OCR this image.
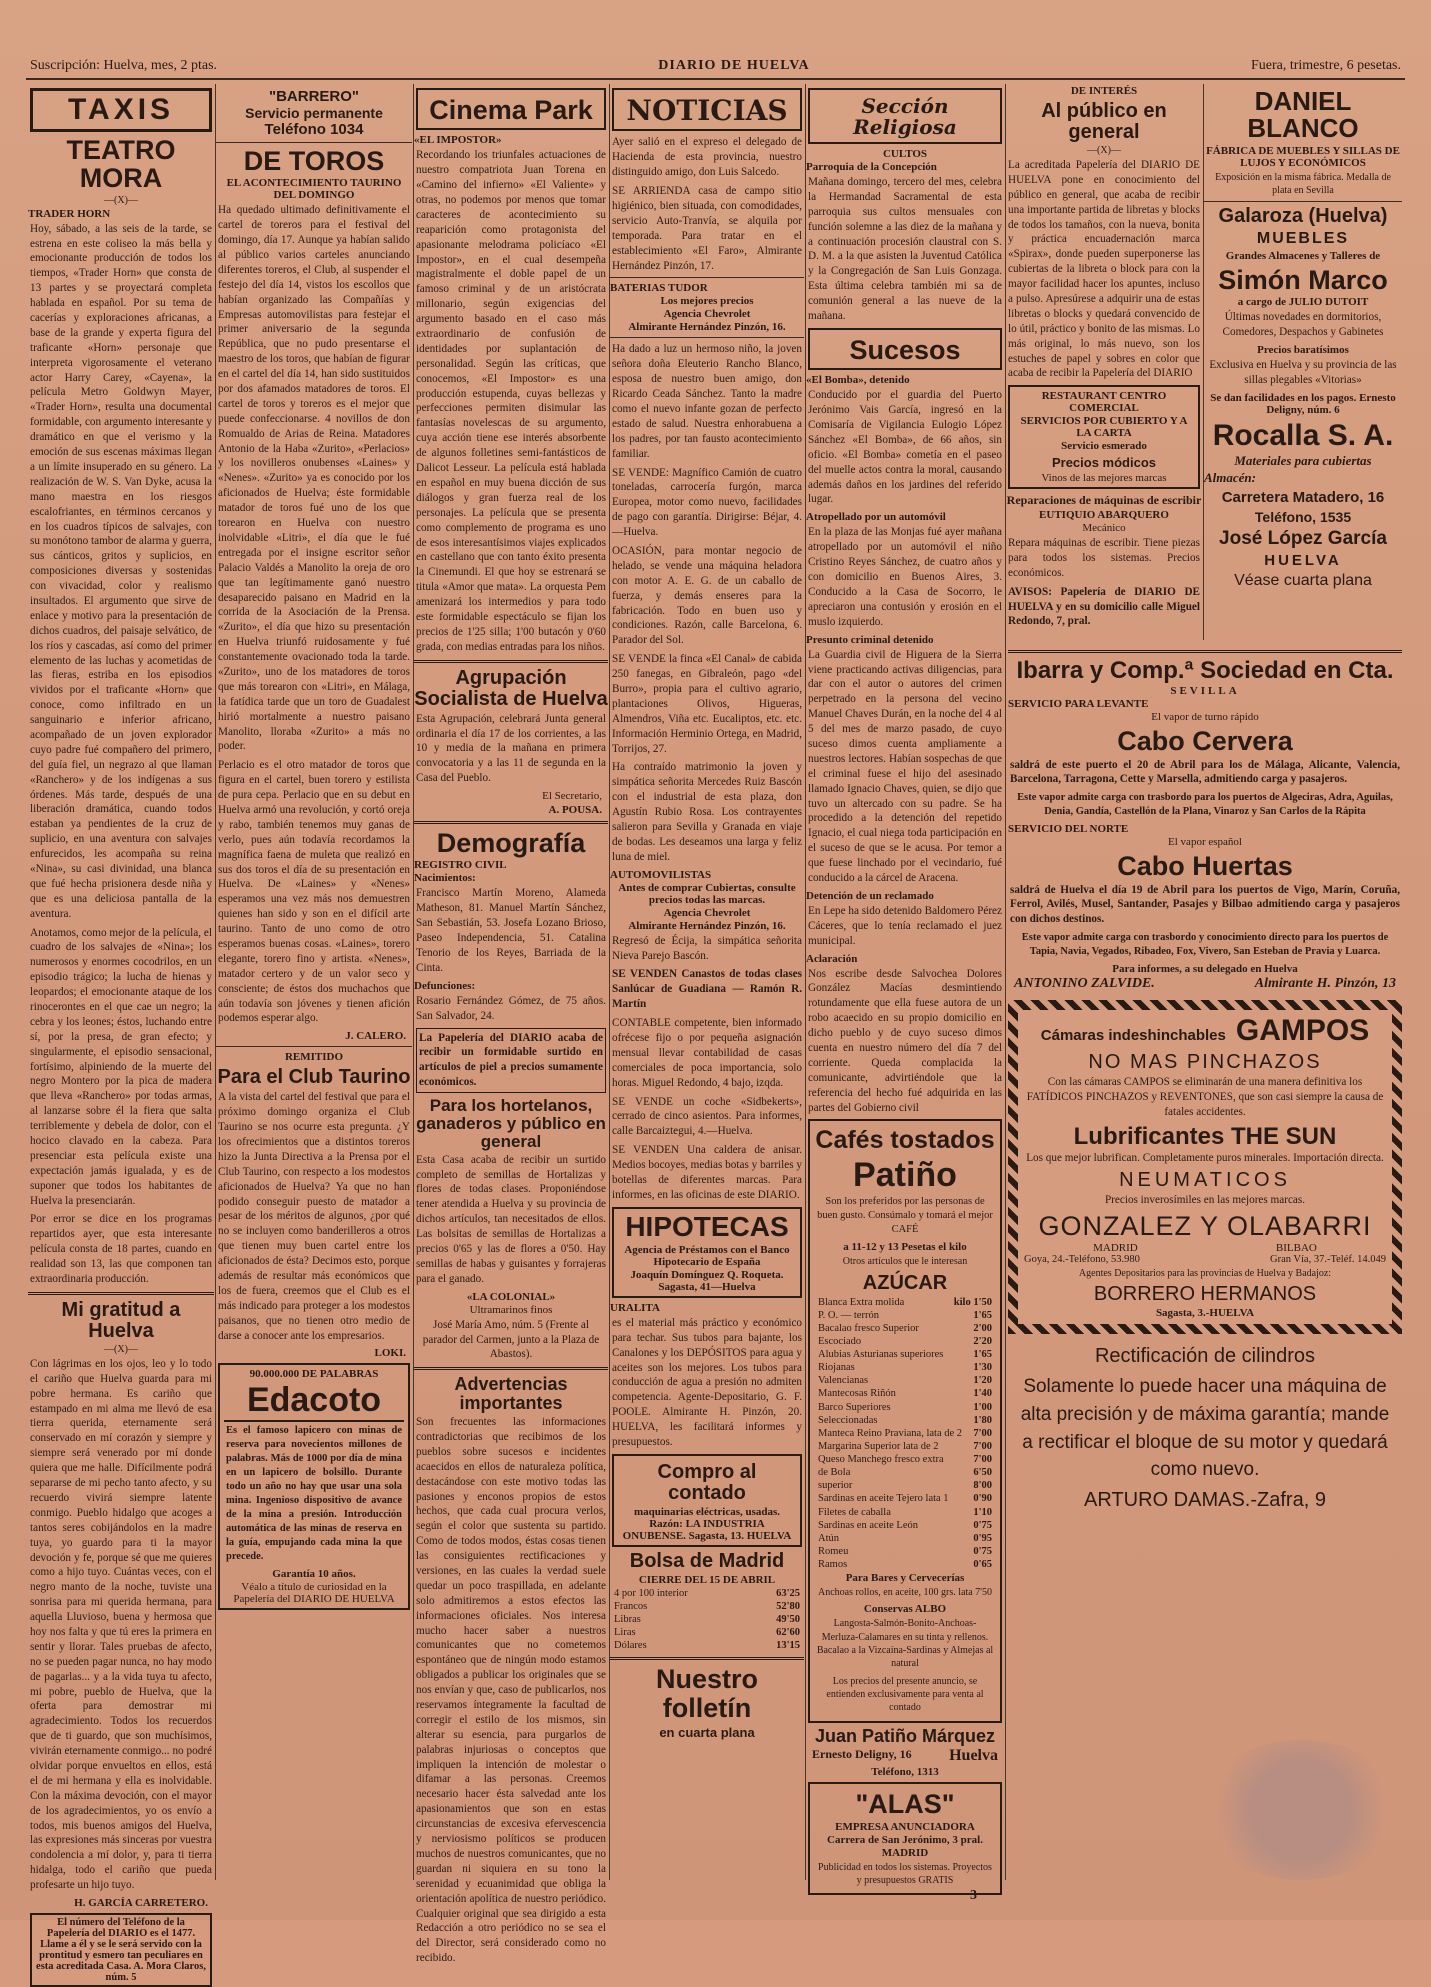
Suscripción: Huelva, mes, 2 ptas.	DIARIO DE HUELVA	Fuera, trimestre, 6 pesetas.
TAXIS
TEATRO MORA
—(X)—
TRADER HORN
Hoy, sábado, a las seis de la tarde, se estrena en este coliseo la más bella y emocionante producción de todos los tiempos, «Trader Horn» que consta de 13 partes y se proyectará completa hablada en español. Por su tema de cacerías y exploraciones africanas, a base de la grande y experta figura del traficante «Horn» personaje que interpreta vigorosamente el veterano actor Harry Carey, «Cayena», la película Metro Goldwyn Mayer, «Trader Horn», resulta una documental formidable, con argumento interesante y dramático en que el verismo y la emoción de sus escenas máximas llegan a un límite insuperado en su género. La realización de W. S. Van Dyke, acusa la mano maestra en los riesgos escalofriantes, en términos cercanos y en los cuadros típicos de salvajes, con su monótono tambor de alarma y guerra, sus cánticos, gritos y suplicios, en composiciones diversas y sostenidas con vivacidad, color y realismo insultados. El argumento que sirve de enlace y motivo para la presentación de dichos cuadros, del paisaje selvático, de los ríos y cascadas, así como del primer elemento de las luchas y acometidas de las fieras, estriba en los episodios vividos por el traficante «Horn» que conoce, como infiltrado en un sanguinario e inferior africano, acompañado de un joven explorador cuyo padre fué compañero del primero, del guía fiel, un negrazo al que llaman «Ranchero» y de los indígenas a sus órdenes. Más tarde, después de una liberación dramática, cuando todos estaban ya pendientes de la cruz de suplicio, en una aventura con salvajes enfurecidos, les acompaña su reina «Nina», su casi divinidad, una blanca que fué hecha prisionera desde niña y que es una deliciosa pantalla de la aventura.
Anotamos, como mejor de la película, el cuadro de los salvajes de «Nina»; los numerosos y enormes cocodrilos, en un episodio trágico; la lucha de hienas y leopardos; el emocionante ataque de los rinocerontes en el que cae un negro; la cebra y los leones; éstos, luchando entre sí, por la presa, de gran efecto; y singularmente, el episodio sensacional, fortísimo, alpiniendo de la muerte del negro Montero por la pica de madera que lleva «Ranchero» por todas armas, al lanzarse sobre él la fiera que salta terriblemente y debela de dolor, con el hocico clavado en la cabeza. Para presenciar esta película existe una expectación jamás igualada, y es de suponer que todos los habitantes de Huelva la presenciarán.
Por error se dice en los programas repartidos ayer, que esta interesante película consta de 18 partes, cuando en realidad son 13, las que componen tan extraordinaria producción.
Mi gratitud a Huelva
—(X)—
Con lágrimas en los ojos, leo y lo todo el cariño que Huelva guarda para mi pobre hermana. Es cariño que estampado en mi alma me llevó de esa tierra querida, eternamente será conservado en mí corazón y siempre y siempre será venerado por mí donde quiera que me halle. Difícilmente podrá separarse de mi pecho tanto afecto, y su recuerdo vivirá siempre latente conmigo. Pueblo hidalgo que acoges a tantos seres cobijándolos en la madre tuya, yo guardo para ti la mayor devoción y fe, porque sé que me quieres como a hijo tuyo. Cuántas veces, con el negro manto de la noche, tuviste una sonrisa para mi querida hermana, para aquella Lluvioso, buena y hermosa que hoy nos falta y que tú eres la primera en sentir y llorar. Tales pruebas de afecto, no se pueden pagar nunca, no hay modo de pagarlas... y a la vida tuya tu afecto, mi pobre, pueblo de Huelva, que la oferta para demostrar mi agradecimiento. Todos los recuerdos que de ti guardo, que son muchísimos, vivirán eternamente conmigo... no podré olvidar porque envueltos en ellos, está el de mi hermana y ella es inolvidable. Con la máxima devoción, con el mayor de los agradecimientos, yo os envío a todos, mis buenos amigos del Huelva, las expresiones más sinceras por vuestra condolencia a mí dolor, y, para ti tierra hidalga, todo el cariño que pueda profesarte un hijo tuyo.
H. GARCÍA CARRETERO.
El número del Teléfono de la Papelería del DIARIO es el 1477. Llame a él y se le será servido con la prontitud y esmero tan peculiares en esta acreditada Casa. A. Mora Claros, núm. 5
"BARRERO"
Servicio permanente
Teléfono 1034
DE TOROS
EL ACONTECIMIENTO TAURINO DEL DOMINGO
Ha quedado ultimado definitivamente el cartel de toreros para el festival del domingo, día 17. Aunque ya habían salido al público varios carteles anunciando diferentes toreros, el Club, al suspender el festejo del día 14, vistos los escollos que habían organizado las Compañías y Empresas automovilistas para festejar el primer aniversario de la segunda República, que no pudo presentarse el maestro de los toros, que habían de figurar en el cartel del día 14, han sido sustituidos por dos afamados matadores de toros. El cartel de toros y toreros es el mejor que puede confeccionarse. 4 novillos de don Romualdo de Arias de Reina. Matadores Antonio de la Haba «Zurito», «Perlacios» y los novilleros onubenses «Laines» y «Nenes». «Zurito» ya es conocido por los aficionados de Huelva; éste formidable matador de toros fué uno de los que torearon en Huelva con nuestro inolvidable «Litri», el día que le fué entregada por el insigne escritor señor Palacio Valdés a Manolito la oreja de oro que tan legítimamente ganó nuestro desaparecido paisano en Madrid en la corrida de la Asociación de la Prensa. «Zurito», el día que hizo su presentación en Huelva triunfó ruidosamente y fué constantemente ovacionado toda la tarde. «Zurito», uno de los matadores de toros que más torearon con «Litri», en Málaga, la fatídica tarde que un toro de Guadalest hirió mortalmente a nuestro paisano Manolito, lloraba «Zurito» a más no poder.
Perlacio es el otro matador de toros que figura en el cartel, buen torero y estilista de pura cepa. Perlacio que en su debut en Huelva armó una revolución, y cortó oreja y rabo, también tenemos muy ganas de verlo, pues aún todavía recordamos la magnífica faena de muleta que realizó en sus dos toros el día de su presentación en Huelva. De «Laines» y «Nenes» esperamos una vez más nos demuestren quienes han sido y son en el difícil arte taurino. Tanto de uno como de otro esperamos buenas cosas. «Laines», torero elegante, torero fino y artista. «Nenes», matador certero y de un valor seco y consciente; de éstos dos muchachos que aún todavía son jóvenes y tienen afición podemos esperar algo.
J. CALERO.
REMITIDO
Para el Club Taurino
A la vista del cartel del festival que para el próximo domingo organiza el Club Taurino se nos ocurre esta pregunta. ¿Y los ofrecimientos que a distintos toreros hizo la Junta Directiva a la Prensa por el Club Taurino, con respecto a los modestos aficionados de Huelva? Ya que no han podido conseguir puesto de matador a pesar de los méritos de algunos, ¿por qué no se incluyen como banderilleros a otros que tienen muy buen cartel entre los aficionados de ésta? Decimos esto, porque además de resultar más económicos que los de fuera, creemos que el Club es el más indicado para proteger a los modestos paisanos, que no tienen otro medio de darse a conocer ante los empresarios.
LOKI.
90.000.000 DE PALABRAS
Edacoto
Es el famoso lapicero con minas de reserva para novecientos millones de palabras. Más de 1000 por día de mina en un lapicero de bolsillo. Durante todo un año no hay que usar una sola mina. Ingenioso dispositivo de avance de la mina a presión. Introducción automática de las minas de reserva en la guía, empujando cada mina la que precede.
Garantía 10 años.
Véalo a título de curiosidad en la Papelería del DIARIO DE HUELVA
Cinema Park
«EL IMPOSTOR»
Recordando los triunfales actuaciones de nuestro compatriota Juan Torena en «Camino del infierno» «El Valiente» y otras, no podemos por menos que tomar caracteres de acontecimiento su reaparición como protagonista del apasionante melodrama policíaco «El Impostor», en el cual desempeña magistralmente el doble papel de un famoso criminal y de un aristócrata millonario, según exigencias del argumento basado en el caso más extraordinario de confusión de identidades por suplantación de personalidad. Según las críticas, que conocemos, «El Impostor» es una producción estupenda, cuyas bellezas y perfecciones permiten disimular las fantasías novelescas de su argumento, cuya acción tiene ese interés absorbente de algunos folletines semi-fantásticos de Dalicot Lesseur. La película está hablada en español en muy buena dicción de sus diálogos y gran fuerza real de los personajes. La película que se presenta como complemento de programa es uno de esos interesantísimos viajes explicados en castellano que con tanto éxito presenta la Cinemundi. El que hoy se estrenará se titula «Amor que mata». La orquesta Pem amenizará los intermedios y para todo este formidable espectáculo se fijan los precios de 1'25 silla; 1'00 butacón y 0'60 grada, con medias entradas para los niños.
Agrupación Socialista de Huelva
Esta Agrupación, celebrará Junta general ordinaria el día 17 de los corrientes, a las 10 y media de la mañana en primera convocatoria y a las 11 de segunda en la Casa del Pueblo.
El Secretario,
A. POUSA.
Demografía
REGISTRO CIVIL
Nacimientos:
Francisco Martín Moreno, Alameda Matheson, 81. Manuel Martín Sánchez, San Sebastián, 53. Josefa Lozano Brioso, Paseo Independencia, 51. Catalina Tenorio de los Reyes, Barriada de la Cinta.
Defunciones:
Rosario Fernández Gómez, de 75 años. San Salvador, 24.
La Papelería del DIARIO acaba de recibir un formidable surtido en artículos de piel a precios sumamente económicos.
Para los hortelanos, ganaderos y público en general
Esta Casa acaba de recibir un surtido completo de semillas de Hortalizas y flores de todas clases. Proponiéndose tener atendida a Huelva y su provincia de dichos artículos, tan necesitados de ellos. Las bolsitas de semillas de Hortalizas a precios 0'65 y las de flores a 0'50. Hay semillas de habas y guisantes y forrajeras para el ganado.
«LA COLONIAL»
Ultramarinos finos
José María Amo, núm. 5 (Frente al parador del Carmen, junto a la Plaza de Abastos).
Advertencias importantes
Son frecuentes las informaciones contradictorias que recibimos de los pueblos sobre sucesos e incidentes acaecidos en ellos de naturaleza política, destacándose con este motivo todas las pasiones y enconos propios de estos hechos, que cada cual procura verlos, según el color que sustenta su partido. Como de todos modos, éstas cosas tienen las consiguientes rectificaciones y versiones, en las cuales la verdad suele quedar un poco traspillada, en adelante solo admitiremos a estos efectos las informaciones oficiales. Nos interesa mucho hacer saber a nuestros comunicantes que no cometemos espontáneo que de ningún modo estamos obligados a publicar los originales que se nos envían y que, caso de publicarlos, nos reservamos íntegramente la facultad de corregir el estilo de los mismos, sin alterar su esencia, para purgarlos de palabras injuriosas o conceptos que impliquen la intención de molestar o difamar a las personas. Creemos necesario hacer ésta salvedad ante los apasionamientos que son en estas circunstancias de excesiva efervescencia y nerviosismo políticos se producen muchos de nuestros comunicantes, que no guardan ni siquiera en su tono la serenidad y ecuanimidad que obliga la orientación apolítica de nuestro periódico. Cualquier original que sea dirigido a esta Redacción a otro periódico no se sea el del Director, será considerado como no recibido.
NOTICIAS
Ayer salió en el expreso el delegado de Hacienda de esta provincia, nuestro distinguido amigo, don Luis Salcedo.
SE ARRIENDA casa de campo sitio higiénico, bien situada, con comodidades, servicio Auto-Tranvía, se alquila por temporada. Para tratar en el establecimiento «El Faro», Almirante Hernández Pinzón, 17.
BATERIAS TUDOR
Los mejores precios
Agencia Chevrolet
Almirante Hernández Pinzón, 16.
Ha dado a luz un hermoso niño, la joven señora doña Eleuterio Rancho Blanco, esposa de nuestro buen amigo, don Ricardo Ceada Sánchez. Tanto la madre como el nuevo infante gozan de perfecto estado de salud. Nuestra enhorabuena a los padres, por tan fausto acontecimiento familiar.
SE VENDE: Magnífico Camión de cuatro toneladas, carrocería furgón, marca Europea, motor como nuevo, facilidades de pago con garantía. Dirigirse: Béjar, 4.—Huelva.
OCASIÓN, para montar negocio de helado, se vende una máquina heladora con motor A. E. G. de un caballo de fuerza, y demás enseres para la fabricación. Todo en buen uso y condiciones. Razón, calle Barcelona, 6. Parador del Sol.
SE VENDE la finca «El Canal» de cabida 250 fanegas, en Gibraleón, pago «del Burro», propia para el cultivo agrario, plantaciones Olivos, Higueras, Almendros, Viña etc. Eucaliptos, etc. etc. Información Herminio Ortega, en Madrid, Torrijos, 27.
Ha contraído matrimonio la joven y simpática señorita Mercedes Ruiz Bascón con el industrial de esta plaza, don Agustín Rubio Rosa. Los contrayentes salieron para Sevilla y Granada en viaje de bodas. Les deseamos una larga y feliz luna de miel.
AUTOMOVILISTAS
Antes de comprar Cubiertas, consulte precios todas las marcas.
Agencia Chevrolet
Almirante Hernández Pinzón, 16.
Regresó de Écija, la simpática señorita Nieva Parejo Bascón.
SE VENDEN Canastos de todas clases Sanlúcar de Guadiana — Ramón R. Martín
CONTABLE competente, bien informado ofrécese fijo o por pequeña asignación mensual llevar contabilidad de casas comerciales de poca importancia, solo horas. Miguel Redondo, 4 bajo, izqda.
SE VENDE un coche «Sidbekerts», cerrado de cinco asientos. Para informes, calle Barcaiztegui, 4.—Huelva.
SE VENDEN Una caldera de anisar. Medios bocoyes, medias botas y barriles y botellas de diferentes marcas. Para informes, en las oficinas de este DIARIO.
HIPOTECAS
Agencia de Préstamos con el Banco Hipotecario de España
Joaquín Domínguez Q. Roqueta. Sagasta, 41—Huelva
URALITA
es el material más práctico y económico para techar. Sus tubos para bajante, los Canalones y los DEPÓSITOS para agua y aceites son los mejores. Los tubos para conducción de agua a presión no admiten competencia. Agente-Depositario, G. F. POOLE. Almirante H. Pinzón, 20. HUELVA, les facilitará informes y presupuestos.
Compro al contado
maquinarias eléctricas, usadas. Razón: LA INDUSTRIA ONUBENSE. Sagasta, 13. HUELVA
Bolsa de Madrid
CIERRE DEL 15 DE ABRIL
4 por 100 interior	63'25
Francos	52'80
Libras	49'50
Liras	62'60
Dólares	13'15
Nuestro folletín
en cuarta plana
Sección Religiosa
CULTOS
Parroquia de la Concepción
Mañana domingo, tercero del mes, celebra la Hermandad Sacramental de esta parroquia sus cultos mensuales con función solemne a las diez de la mañana y a continuación procesión claustral con S. D. M. a la que asisten la Juventud Católica y la Congregación de San Luis Gonzaga. Esta última celebra también mi sa de comunión general a las nueve de la mañana.
Sucesos
«El Bomba», detenido
Conducido por el guardia del Puerto Jerónimo Vais García, ingresó en la Comisaría de Vigilancia Eulogio López Sánchez «El Bomba», de 66 años, sin oficio. «El Bomba» cometía en el paseo del muelle actos contra la moral, causando además daños en los jardines del referido lugar.
Atropellado por un automóvil
En la plaza de las Monjas fué ayer mañana atropellado por un automóvil el niño Cristino Reyes Sánchez, de cuatro años y con domicilio en Buenos Aires, 3. Conducido a la Casa de Socorro, le apreciaron una contusión y erosión en el muslo izquierdo.
Presunto criminal detenido
La Guardia civil de Higuera de la Sierra viene practicando activas diligencias, para dar con el autor o autores del crimen perpetrado en la persona del vecino Manuel Chaves Durán, en la noche del 4 al 5 del mes de marzo pasado, de cuyo suceso dimos cuenta ampliamente a nuestros lectores. Habían sospechas de que el criminal fuese el hijo del asesinado llamado Ignacio Chaves, quien, se dijo que tuvo un altercado con su padre. Se ha procedido a la detención del repetido Ignacio, el cual niega toda participación en el suceso de que se le acusa. Por temor a que fuese linchado por el vecindario, fué conducido a la cárcel de Aracena.
Detención de un reclamado
En Lepe ha sido detenido Baldomero Pérez Cáceres, que lo tenía reclamado el juez municipal.
Aclaración
Nos escribe desde Salvochea Dolores González Macías desmintiendo rotundamente que ella fuese autora de un robo acaecido en su propio domicilio en dicho pueblo y de cuyo suceso dimos cuenta en nuestro número del día 7 del corriente. Queda complacida la comunicante, advirtiéndole que la referencia del hecho fué adquirida en las partes del Gobierno civil
Cafés tostados
Patiño
Son los preferidos por las personas de buen gusto. Consúmalo y tomará el mejor CAFÉ
a 11-12 y 13 Pesetas el kilo
Otros artículos que le interesan
AZÚCAR
Blanca Extra molida	kilo 1'50
P. O. — terrón	1'65
Bacalao fresco Superior	2'00
Escociado	2'20
Alubias Asturianas superiores	1'65
Riojanas	1'30
Valencianas	1'20
Mantecosas Riñón	1'40
Barco Superiores	1'00
Seleccionadas	1'80
Manteca Reino Praviana, lata de 2 7'00
Margarina Superior lata de 2	7'00
Queso Manchego fresco extra	7'00
de Bola	6'50
superior	8'00
Sardinas en aceite Tejero lata 1 0'90
Filetes de caballa	1'10
Sardinas en aceite León	0'75
Atún	0'95
Romeu	0'75
Ramos	0'65
Para Bares y Cervecerías
Anchoas rollos, en aceite, 100 grs. lata 7'50
Conservas ALBO
Langosta-Salmón-Bonito-Anchoas-Merluza-Calamares en su tinta y rellenos. Bacalao a la Vizcaína-Sardinas y Almejas al natural
Los precios del presente anuncio, se entienden exclusivamente para venta al contado
Juan Patiño Márquez
Ernesto Deligny, 16 Huelva
Teléfono, 1313
"ALAS"
EMPRESA ANUNCIADORA
Carrera de San Jerónimo, 3 pral.
MADRID
Publicidad en todos los sistemas. Proyectos y presupuestos GRATIS
DE INTERÉS
Al público en general
—(X)—
La acreditada Papelería del DIARIO DE HUELVA pone en conocimiento del público en general, que acaba de recibir una importante partida de libretas y blocks de todos los tamaños, con la nueva, bonita y práctica encuadernación marca «Spirax», donde pueden superponerse las cubiertas de la libreta o block para con la mayor facilidad hacer los apuntes, incluso a pulso. Apresúrese a adquirir una de estas libretas o blocks y quedará convencido de lo útil, práctico y bonito de las mismas. Lo más original, lo más nuevo, son los estuches de papel y sobres en color que acaba de recibir la Papelería del DIARIO
RESTAURANT CENTRO COMERCIAL
SERVICIOS POR CUBIERTO Y A LA CARTA
Servicio esmerado
Precios módicos
Vinos de las mejores marcas
Reparaciones de máquinas de escribir
EUTIQUIO ABARQUERO
Mecánico
Repara máquinas de escribir. Tiene piezas para todos los sistemas. Precios económicos.
AVISOS: Papelería de DIARIO DE HUELVA y en su domicilio calle Miguel Redondo, 7, pral.
DANIEL BLANCO
FÁBRICA DE MUEBLES Y SILLAS DE LUJOS Y ECONÓMICOS
Exposición en la misma fábrica. Medalla de plata en Sevilla
Galaroza (Huelva)
MUEBLES
Grandes Almacenes y Talleres de
Simón Marco
a cargo de JULIO DUTOIT
Últimas novedades en dormitorios, Comedores, Despachos y Gabinetes
Precios baratísimos
Exclusiva en Huelva y su provincia de las sillas plegables «Vitorias»
Se dan facilidades en los pagos. Ernesto Deligny, núm. 6
Rocalla S. A.
Materiales para cubiertas
Almacén:
Carretera Matadero, 16
Teléfono, 1535
José López García
HUELVA
Véase cuarta plana
Ibarra y Comp.ª Sociedad en Cta.
SEVILLA
SERVICIO PARA LEVANTE
El vapor de turno rápido
Cabo Cervera
saldrá de este puerto el 20 de Abril para los de Málaga, Alicante, Valencia, Barcelona, Tarragona, Cette y Marsella, admitiendo carga y pasajeros.
Este vapor admite carga con trasbordo para los puertos de Algeciras, Adra, Aguilas, Denia, Gandía, Castellón de la Plana, Vinaroz y San Carlos de la Rápita
SERVICIO DEL NORTE
El vapor español
Cabo Huertas
saldrá de Huelva el día 19 de Abril para los puertos de Vigo, Marín, Coruña, Ferrol, Avilés, Musel, Santander, Pasajes y Bilbao admitiendo carga y pasajeros con dichos destinos.
Este vapor admite carga con trasbordo y conocimiento directo para los puertos de Tapia, Navia, Vegados, Ribadeo, Fox, Vivero, San Esteban de Pravia y Luarca.
Para informes, a su delegado en Huelva
ANTONINO ZALVIDE.	Almirante H. Pinzón, 13
Cámaras indeshinchables GAMPOS
NO MAS PINCHAZOS
Con las cámaras CAMPOS se eliminarán de una manera definitiva los FATÍDICOS PINCHAZOS y REVENTONES, que son casi siempre la causa de fatales accidentes.
Lubrificantes THE SUN
Los que mejor lubrifican. Completamente puros minerales. Importación directa.
NEUMATICOS
Precios inverosímiles en las mejores marcas.
GONZALEZ Y OLABARRI
MADRID	BILBAO
Goya, 24.-Teléfono, 53.980	Gran Vía, 37.-Teléf. 14.049
Agentes Depositarios para las provincias de Huelva y Badajoz:
BORRERO HERMANOS
Sagasta, 3.-HUELVA
Rectificación de cilindros
Solamente lo puede hacer una máquina de alta precisión y de máxima garantía; mande a rectificar el bloque de su motor y quedará como nuevo.
ARTURO DAMAS.-Zafra, 9
3
